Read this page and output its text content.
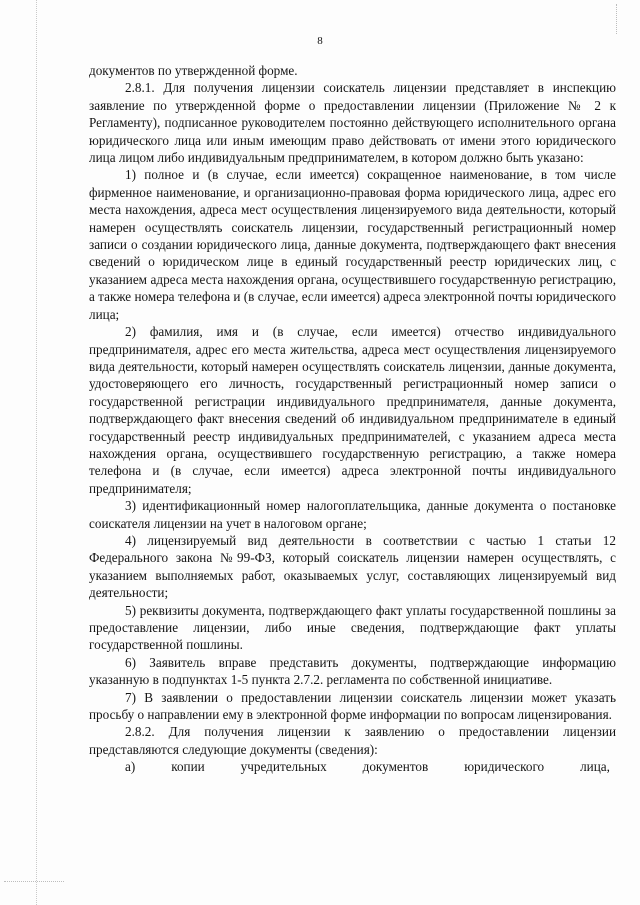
8

документов по утвержденной форме.

2.8.1. Для получения лицензии соискатель лицензии представляет в инспекцию заявление по утвержденной форме о предоставлении лицензии (Приложение № 2 к Регламенту), подписанное руководителем постоянно действующего исполнительного органа юридического лица или иным имеющим право действовать от имени этого юридического лица лицом либо индивидуальным предпринимателем, в котором должно быть указано:

1) полное и (в случае, если имеется) сокращенное наименование, в том числе фирменное наименование, и организационно-правовая форма юридического лица, адрес его места нахождения, адреса мест осуществления лицензируемого вида деятельности, который намерен осуществлять соискатель лицензии, государственный регистрационный номер записи о создании юридического лица, данные документа, подтверждающего факт внесения сведений о юридическом лице в единый государственный реестр юридических лиц, с указанием адреса места нахождения органа, осуществившего государственную регистрацию, а также номера телефона и (в случае, если имеется) адреса электронной почты юридического лица;

2) фамилия, имя и (в случае, если имеется) отчество индивидуального предпринимателя, адрес его места жительства, адреса мест осуществления лицензируемого вида деятельности, который намерен осуществлять соискатель лицензии, данные документа, удостоверяющего его личность, государственный регистрационный номер записи о государственной регистрации индивидуального предпринимателя, данные документа, подтверждающего факт внесения сведений об индивидуальном предпринимателе в единый государственный реестр индивидуальных предпринимателей, с указанием адреса места нахождения органа, осуществившего государственную регистрацию, а также номера телефона и (в случае, если имеется) адреса электронной почты индивидуального предпринимателя;

3) идентификационный номер налогоплательщика, данные документа о постановке соискателя лицензии на учет в налоговом органе;

4) лицензируемый вид деятельности в соответствии с частью 1 статьи 12 Федерального закона №99-ФЗ, который соискатель лицензии намерен осуществлять, с указанием выполняемых работ, оказываемых услуг, составляющих лицензируемый вид деятельности;

5) реквизиты документа, подтверждающего факт уплаты государственной пошлины за предоставление лицензии, либо иные сведения, подтверждающие факт уплаты государственной пошлины.

6) Заявитель вправе представить документы, подтверждающие информацию указанную в подпунктах 1-5 пункта 2.7.2. регламента по собственной инициативе.

7) В заявлении о предоставлении лицензии соискатель лицензии может указать просьбу о направлении ему в электронной форме информации по вопросам лицензирования.

2.8.2. Для получения лицензии к заявлению о предоставлении лицензии представляются следующие документы (сведения):

а)	копии	учредительных	документов	юридического	лица,
